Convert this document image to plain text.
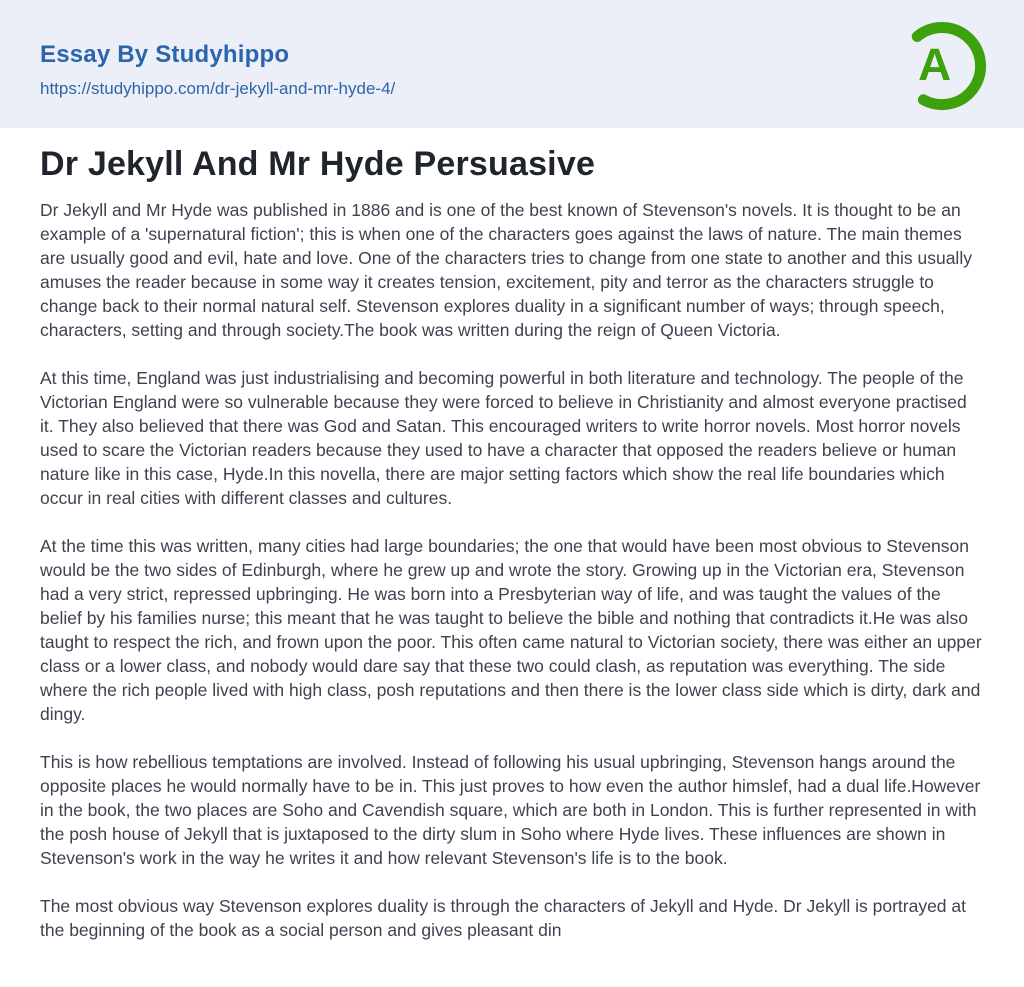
Essay By Studyhippo
https://studyhippo.com/dr-jekyll-and-mr-hyde-4/	A
Dr Jekyll And Mr Hyde Persuasive

Dr Jekyll and Mr Hyde was published in 1886 and is one of the best known of Stevenson's novels. It is thought to be an example of a 'supernatural fiction'; this is when one of the characters goes against the laws of nature. The main themes are usually good and evil, hate and love. One of the characters tries to change from one state to another and this usually amuses the reader because in some way it creates tension, excitement, pity and terror as the characters struggle to change back to their normal natural self. Stevenson explores duality in a significant number of ways; through speech, characters, setting and through society.The book was written during the reign of Queen Victoria.

At this time, England was just industrialising and becoming powerful in both literature and technology. The people of the Victorian England were so vulnerable because they were forced to believe in Christianity and almost everyone practised it. They also believed that there was God and Satan. This encouraged writers to write horror novels. Most horror novels used to scare the Victorian readers because they used to have a character that opposed the readers believe or human nature like in this case, Hyde.In this novella, there are major setting factors which show the real life boundaries which occur in real cities with different classes and cultures.

At the time this was written, many cities had large boundaries; the one that would have been most obvious to Stevenson would be the two sides of Edinburgh, where he grew up and wrote the story. Growing up in the Victorian era, Stevenson had a very strict, repressed upbringing. He was born into a Presbyterian way of life, and was taught the values of the belief by his families nurse; this meant that he was taught to believe the bible and nothing that contradicts it.He was also taught to respect the rich, and frown upon the poor. This often came natural to Victorian society, there was either an upper class or a lower class, and nobody would dare say that these two could clash, as reputation was everything. The side where the rich people lived with high class, posh reputations and then there is the lower class side which is dirty, dark and dingy.

This is how rebellious temptations are involved. Instead of following his usual upbringing, Stevenson hangs around the opposite places he would normally have to be in. This just proves to how even the author himslef, had a dual life.However in the book, the two places are Soho and Cavendish square, which are both in London. This is further represented in with the posh house of Jekyll that is juxtaposed to the dirty slum in Soho where Hyde lives. These influences are shown in Stevenson's work in the way he writes it and how relevant Stevenson's life is to the book.

The most obvious way Stevenson explores duality is through the characters of Jekyll and Hyde. Dr Jekyll is portrayed at the beginning of the book as a social person and gives pleasant din
